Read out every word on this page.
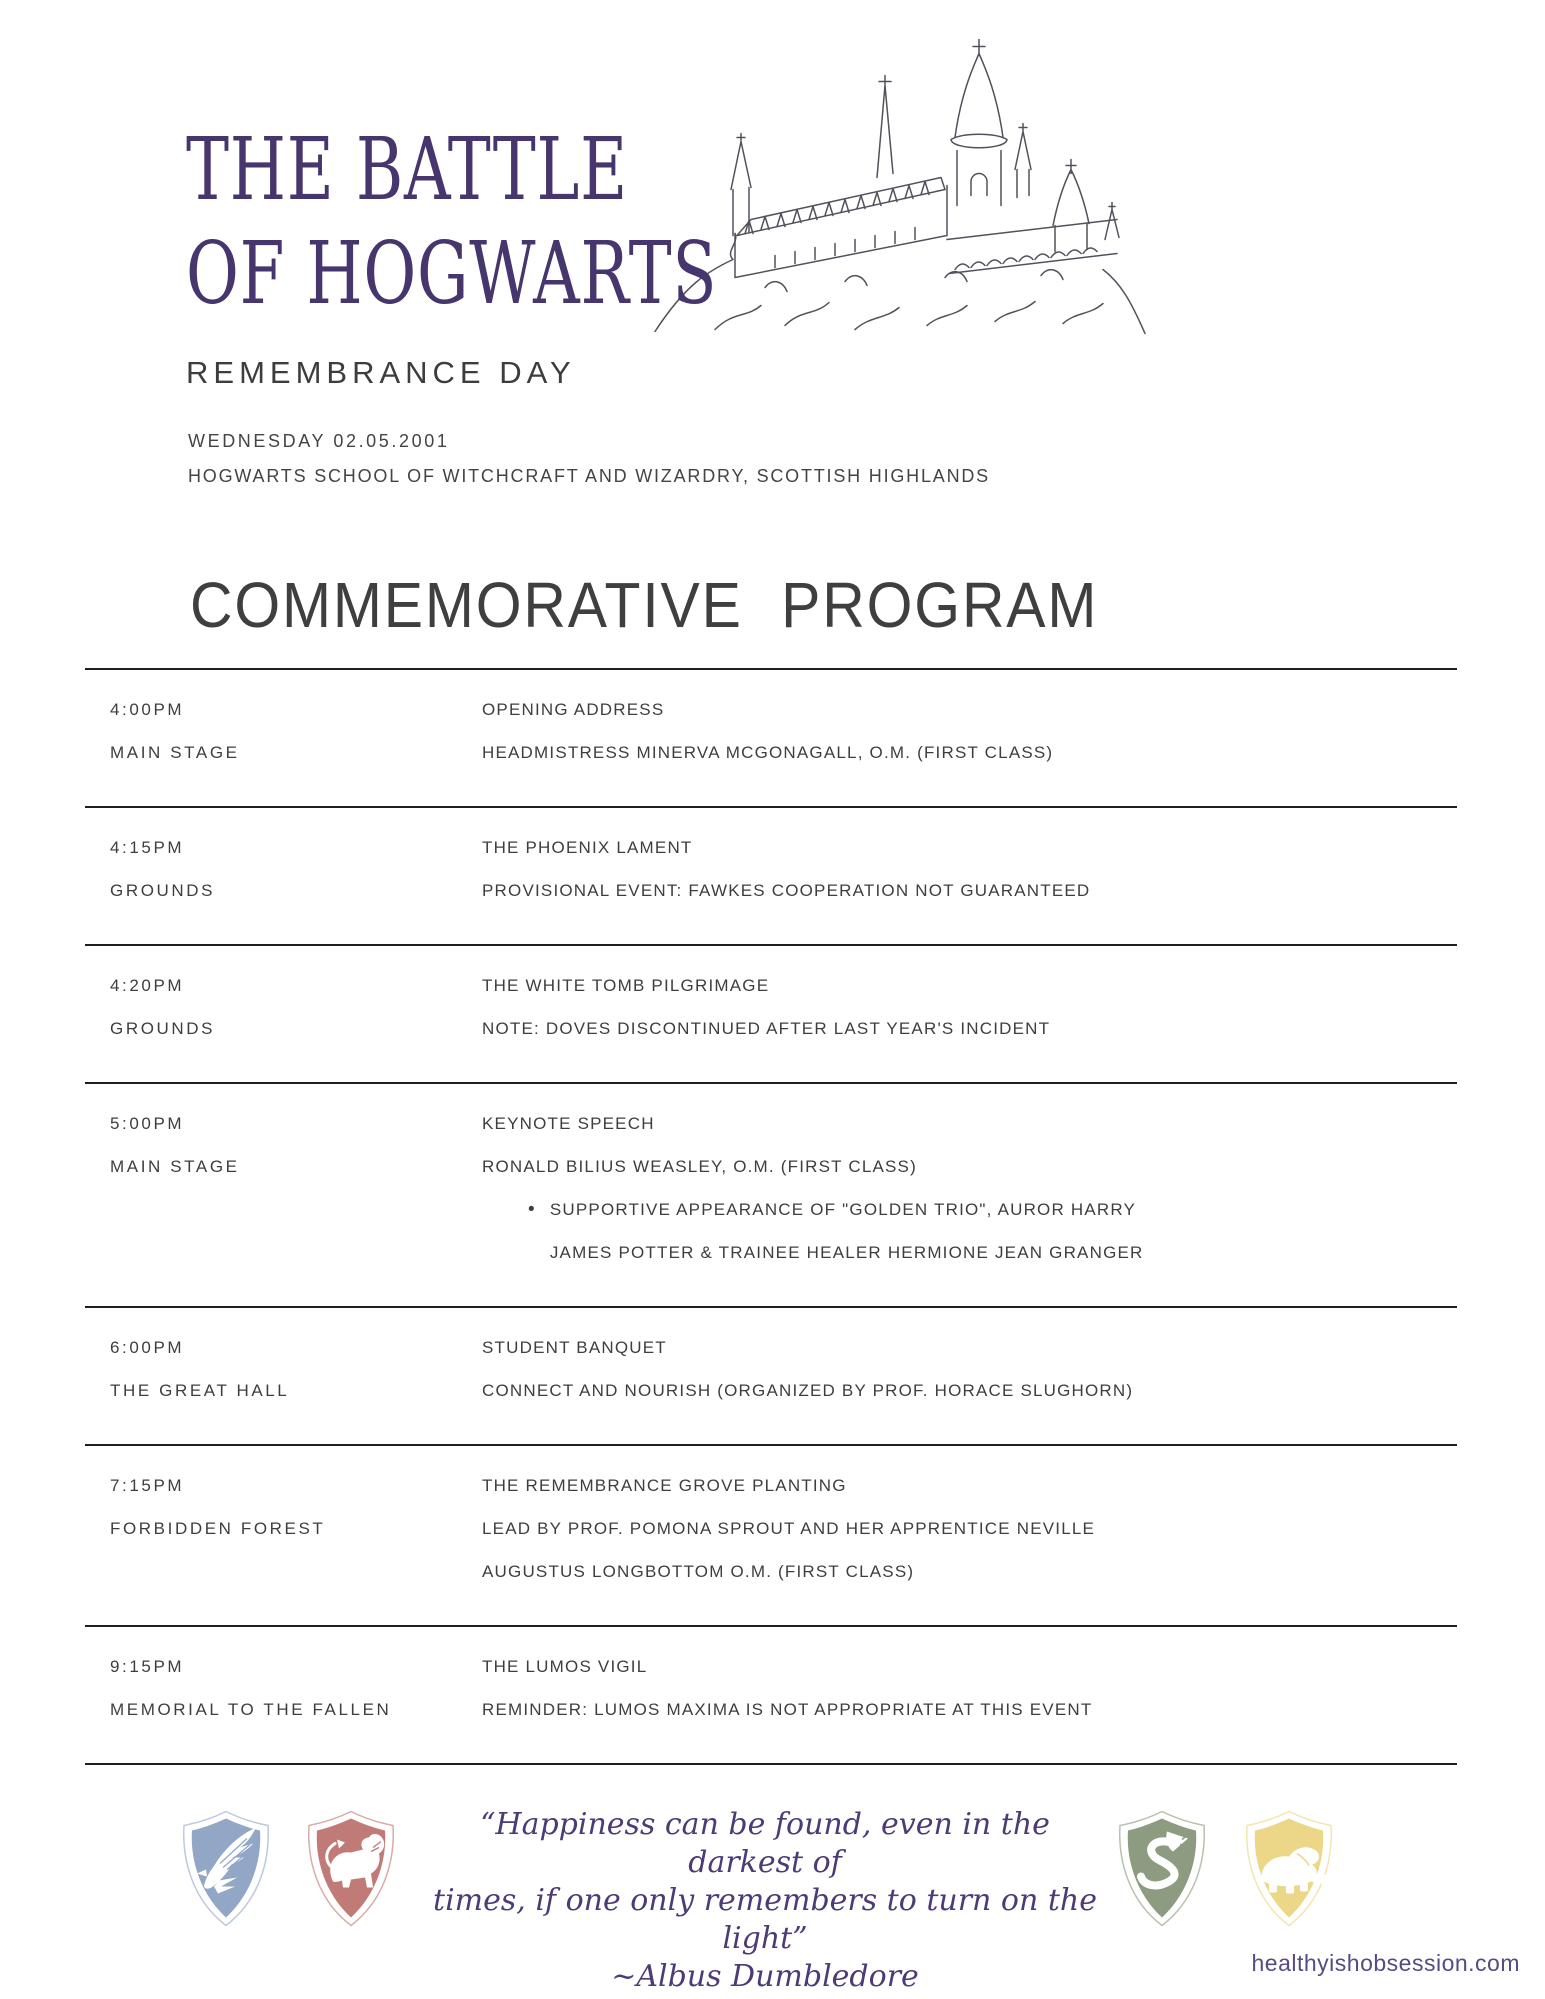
THE BATTLE
OF HOGWARTS
REMEMBRANCE DAY
WEDNESDAY 02.05.2001
HOGWARTS SCHOOL OF WITCHCRAFT AND WIZARDRY, SCOTTISH HIGHLANDS
COMMEMORATIVE PROGRAM
4:00PM
MAIN STAGE
OPENING ADDRESS
HEADMISTRESS MINERVA MCGONAGALL, O.M. (FIRST CLASS)
4:15PM
GROUNDS
THE PHOENIX LAMENT
PROVISIONAL EVENT: FAWKES COOPERATION NOT GUARANTEED
4:20PM
GROUNDS
THE WHITE TOMB PILGRIMAGE
NOTE: DOVES DISCONTINUED AFTER LAST YEAR'S INCIDENT
5:00PM
MAIN STAGE
KEYNOTE SPEECH
RONALD BILIUS WEASLEY, O.M. (FIRST CLASS)
• SUPPORTIVE APPEARANCE OF "GOLDEN TRIO", AUROR HARRY JAMES POTTER & TRAINEE HEALER HERMIONE JEAN GRANGER
6:00PM
THE GREAT HALL
STUDENT BANQUET
CONNECT AND NOURISH (ORGANIZED BY PROF. HORACE SLUGHORN)
7:15PM
FORBIDDEN FOREST
THE REMEMBRANCE GROVE PLANTING
LEAD BY PROF. POMONA SPROUT AND HER APPRENTICE NEVILLE AUGUSTUS LONGBOTTOM O.M. (FIRST CLASS)
9:15PM
MEMORIAL TO THE FALLEN
THE LUMOS VIGIL
REMINDER: LUMOS MAXIMA IS NOT APPROPRIATE AT THIS EVENT
“Happiness can be found, even in the darkest of
times, if one only remembers to turn on the light”
~Albus Dumbledore	healthyishobsession.com
